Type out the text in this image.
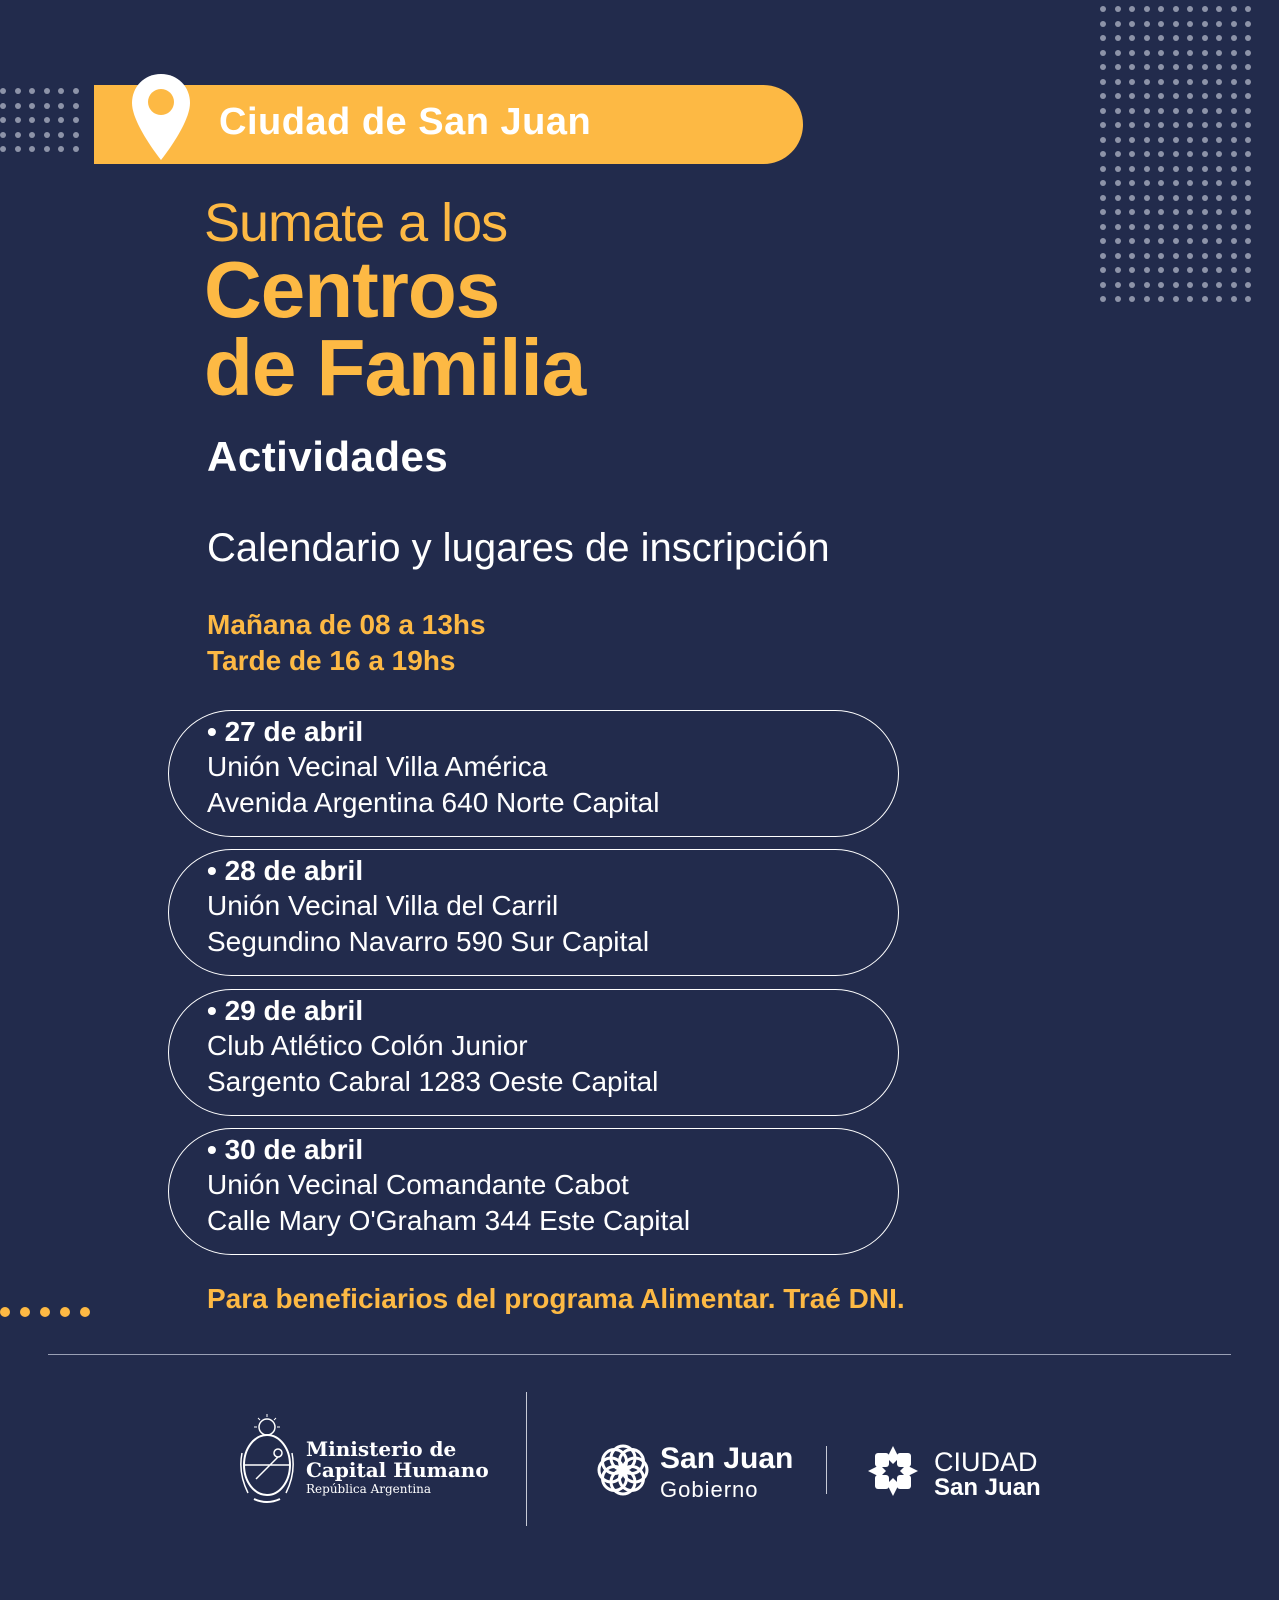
Ciudad de San Juan
Sumate a los
Centros
de Familia
Actividades
Calendario y lugares de inscripción
Mañana de 08 a 13hs
Tarde de 16 a 19hs
• 27 de abril
Unión Vecinal Villa América
Avenida Argentina 640 Norte Capital
• 28 de abril
Unión Vecinal Villa del Carril
Segundino Navarro 590 Sur Capital
• 29 de abril
Club Atlético Colón Junior
Sargento Cabral 1283 Oeste Capital
• 30 de abril
Unión Vecinal Comandante Cabot
Calle Mary O'Graham 344 Este Capital
Para beneficiarios del programa Alimentar. Traé DNI.
Ministerio de
Capital Humano
República Argentina
San Juan
Gobierno
CIUDAD
San Juan
